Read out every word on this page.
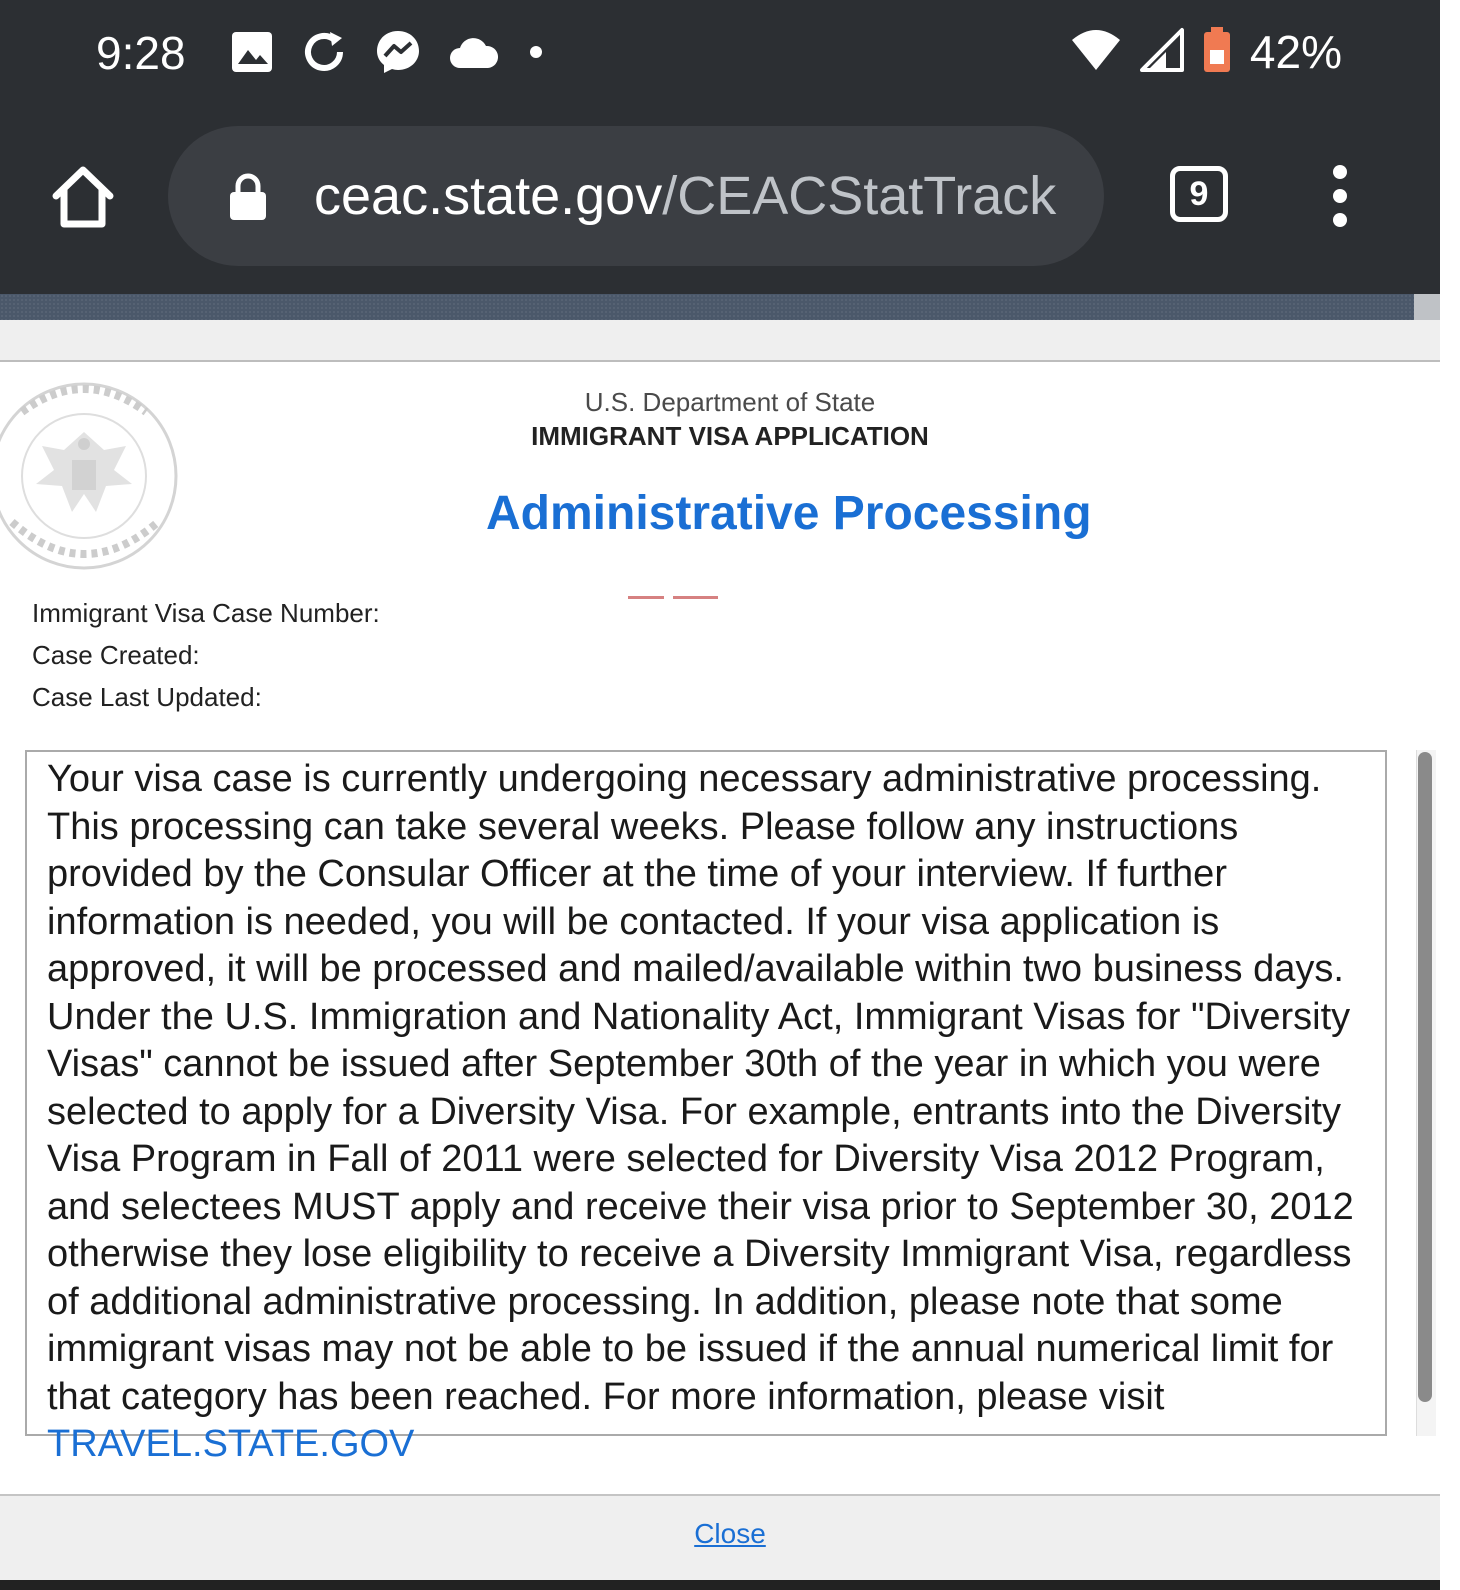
9:28	42%
ceac.state.gov/CEACStatTrack	9
U.S. Department of State
IMMIGRANT VISA APPLICATION
Administrative Processing
Immigrant Visa Case Number:
Case Created:
Case Last Updated:
Your visa case is currently undergoing necessary administrative processing. This processing can take several weeks. Please follow any instructions provided by the Consular Officer at the time of your interview. If further information is needed, you will be contacted. If your visa application is approved, it will be processed and mailed/available within two business days. Under the U.S. Immigration and Nationality Act, Immigrant Visas for "Diversity Visas" cannot be issued after September 30th of the year in which you were selected to apply for a Diversity Visa. For example, entrants into the Diversity Visa Program in Fall of 2011 were selected for Diversity Visa 2012 Program, and selectees MUST apply and receive their visa prior to September 30, 2012 otherwise they lose eligibility to receive a Diversity Immigrant Visa, regardless of additional administrative processing. In addition, please note that some immigrant visas may not be able to be issued if the annual numerical limit for that category has been reached. For more information, please visit TRAVEL.STATE.GOV
Close
